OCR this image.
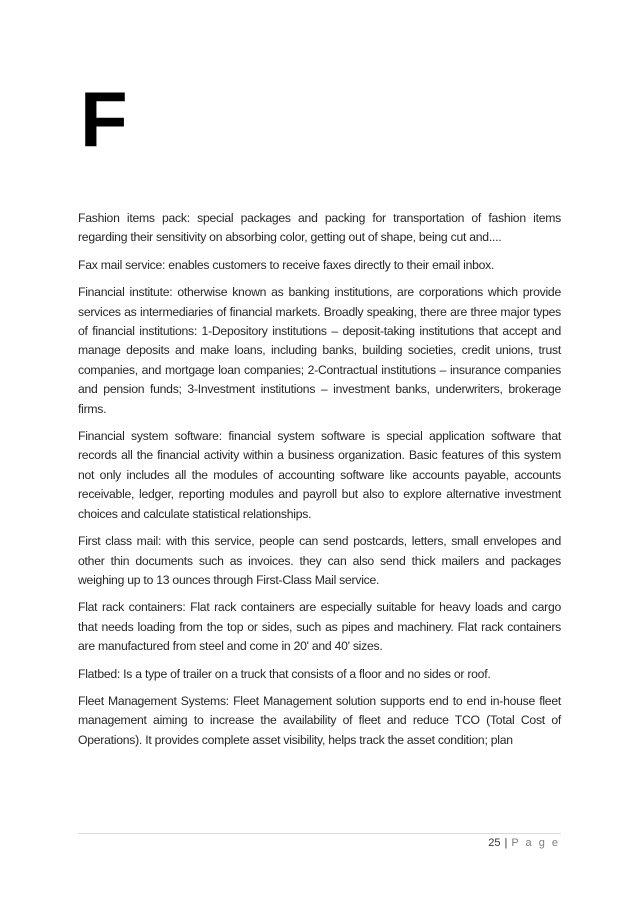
F

Fashion items pack: special packages and packing for transportation of fashion items regarding their sensitivity on absorbing color, getting out of shape, being cut and....

Fax mail service: enables customers to receive faxes directly to their email inbox.

Financial institute: otherwise known as banking institutions, are corporations which provide services as intermediaries of financial markets. Broadly speaking, there are three major types of financial institutions: 1-Depository institutions – deposit-taking institutions that accept and manage deposits and make loans, including banks, building societies, credit unions, trust companies, and mortgage loan companies; 2-Contractual institutions – insurance companies and pension funds; 3-Investment institutions – investment banks, underwriters, brokerage firms.

Financial system software: financial system software is special application software that records all the financial activity within a business organization. Basic features of this system not only includes all the modules of accounting software like accounts payable, accounts receivable, ledger, reporting modules and payroll but also to explore alternative investment choices and calculate statistical relationships.

First class mail: with this service, people can send postcards, letters, small envelopes and other thin documents such as invoices. they can also send thick mailers and packages weighing up to 13 ounces through First-Class Mail service.

Flat rack containers: Flat rack containers are especially suitable for heavy loads and cargo that needs loading from the top or sides, such as pipes and machinery. Flat rack containers are manufactured from steel and come in 20' and 40' sizes.

Flatbed: Is a type of trailer on a truck that consists of a floor and no sides or roof.

Fleet Management Systems: Fleet Management solution supports end to end in-house fleet management aiming to increase the availability of fleet and reduce TCO (Total Cost of Operations). It provides complete asset visibility, helps track the asset condition; plan

25 | P a g e
